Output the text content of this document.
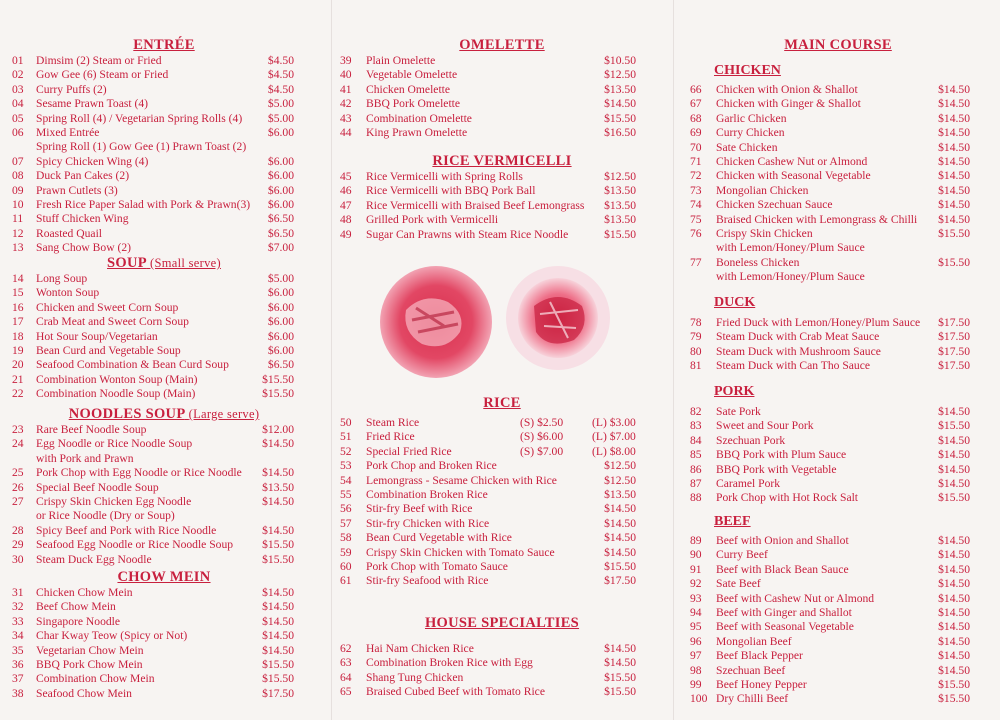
ENTRÉE
01 Dimsim (2) Steam or Fried	$4.50
02 Gow Gee (6) Steam or Fried	$4.50
03 Curry Puffs (2)	$4.50
04 Sesame Prawn Toast (4)	$5.00
05 Spring Roll (4) / Vegetarian Spring Rolls (4) $5.00
06 Mixed Entrée	$6.00
Spring Roll (1) Gow Gee (1) Prawn Toast (2)
07 Spicy Chicken Wing (4)	$6.00
08 Duck Pan Cakes (2)	$6.00
09 Prawn Cutlets (3)	$6.00
10 Fresh Rice Paper Salad with Pork & Prawn(3) $6.00
11 Stuff Chicken Wing	$6.50
12 Roasted Quail	$6.50
13 Sang Chow Bow (2)	$7.00
SOUP (Small serve)
14 Long Soup	$5.00
15 Wonton Soup	$6.00
16 Chicken and Sweet Corn Soup	$6.00
17 Crab Meat and Sweet Corn Soup	$6.00
18 Hot Sour Soup/Vegetarian	$6.00
19 Bean Curd and Vegetable Soup	$6.00
20 Seafood Combination & Bean Curd Soup	$6.50
21 Combination Wonton Soup (Main)	$15.50
22 Combination Noodle Soup (Main)	$15.50
NOODLES SOUP (Large serve)
23 Rare Beef Noodle Soup	$12.00
24 Egg Noodle or Rice Noodle Soup	$14.50
with Pork and Prawn
25 Pork Chop with Egg Noodle or Rice Noodle $14.50
26 Special Beef Noodle Soup	$13.50
27 Crispy Skin Chicken Egg Noodle	$14.50
or Rice Noodle (Dry or Soup)
28 Spicy Beef and Pork with Rice Noodle	$14.50
29 Seafood Egg Noodle or Rice Noodle Soup	$15.50
30 Steam Duck Egg Noodle	$15.50
CHOW MEIN
31 Chicken Chow Mein	$14.50
32 Beef Chow Mein	$14.50
33 Singapore Noodle	$14.50
34 Char Kway Teow (Spicy or Not)	$14.50
35 Vegetarian Chow Mein	$14.50
36 BBQ Pork Chow Mein	$15.50
37 Combination Chow Mein	$15.50
38 Seafood Chow Mein	$17.50
OMELETTE
39 Plain Omelette	$10.50
40 Vegetable Omelette	$12.50
41 Chicken Omelette	$13.50
42 BBQ Pork Omelette	$14.50
43 Combination Omelette	$15.50
44 King Prawn Omelette	$16.50
RICE VERMICELLI
45 Rice Vermicelli with Spring Rolls	$12.50
46 Rice Vermicelli with BBQ Pork Ball	$13.50
47 Rice Vermicelli with Braised Beef Lemongrass $13.50
48 Grilled Pork with Vermicelli	$13.50
49 Sugar Can Prawns with Steam Rice Noodle	$15.50
RICE
50 Steam Rice	(S) $2.50 (L) $3.00
51 Fried Rice	(S) $6.00 (L) $7.00
52 Special Fried Rice	(S) $7.00 (L) $8.00
53 Pork Chop and Broken Rice	$12.50
54 Lemongrass - Sesame Chicken with Rice	$12.50
55 Combination Broken Rice	$13.50
56 Stir-fry Beef with Rice	$14.50
57 Stir-fry Chicken with Rice	$14.50
58 Bean Curd Vegetable with Rice	$14.50
59 Crispy Skin Chicken with Tomato Sauce	$14.50
60 Pork Chop with Tomato Sauce	$15.50
61 Stir-fry Seafood with Rice	$17.50
HOUSE SPECIALTIES
62 Hai Nam Chicken Rice	$14.50
63 Combination Broken Rice with Egg	$14.50
64 Shang Tung Chicken	$15.50
65 Braised Cubed Beef with Tomato Rice	$15.50
MAIN COURSE
CHICKEN
66 Chicken with Onion & Shallot	$14.50
67 Chicken with Ginger & Shallot	$14.50
68 Garlic Chicken	$14.50
69 Curry Chicken	$14.50
70 Sate Chicken	$14.50
71 Chicken Cashew Nut or Almond	$14.50
72 Chicken with Seasonal Vegetable	$14.50
73 Mongolian Chicken	$14.50
74 Chicken Szechuan Sauce	$14.50
75 Braised Chicken with Lemongrass & Chilli $14.50
76 Crispy Skin Chicken	$15.50
with Lemon/Honey/Plum Sauce
77 Boneless Chicken	$15.50
with Lemon/Honey/Plum Sauce
DUCK
78 Fried Duck with Lemon/Honey/Plum Sauce $17.50
79 Steam Duck with Crab Meat Sauce	$17.50
80 Steam Duck with Mushroom Sauce	$17.50
81 Steam Duck with Can Tho Sauce	$17.50
PORK
82 Sate Pork	$14.50
83 Sweet and Sour Pork	$15.50
84 Szechuan Pork	$14.50
85 BBQ Pork with Plum Sauce	$14.50
86 BBQ Pork with Vegetable	$14.50
87 Caramel Pork	$14.50
88 Pork Chop with Hot Rock Salt	$15.50
BEEF
89 Beef with Onion and Shallot	$14.50
90 Curry Beef	$14.50
91 Beef with Black Bean Sauce	$14.50
92 Sate Beef	$14.50
93 Beef with Cashew Nut or Almond	$14.50
94 Beef with Ginger and Shallot	$14.50
95 Beef with Seasonal Vegetable	$14.50
96 Mongolian Beef	$14.50
97 Beef Black Pepper	$14.50
98 Szechuan Beef	$14.50
99 Beef Honey Pepper	$15.50
100 Dry Chilli Beef	$15.50
